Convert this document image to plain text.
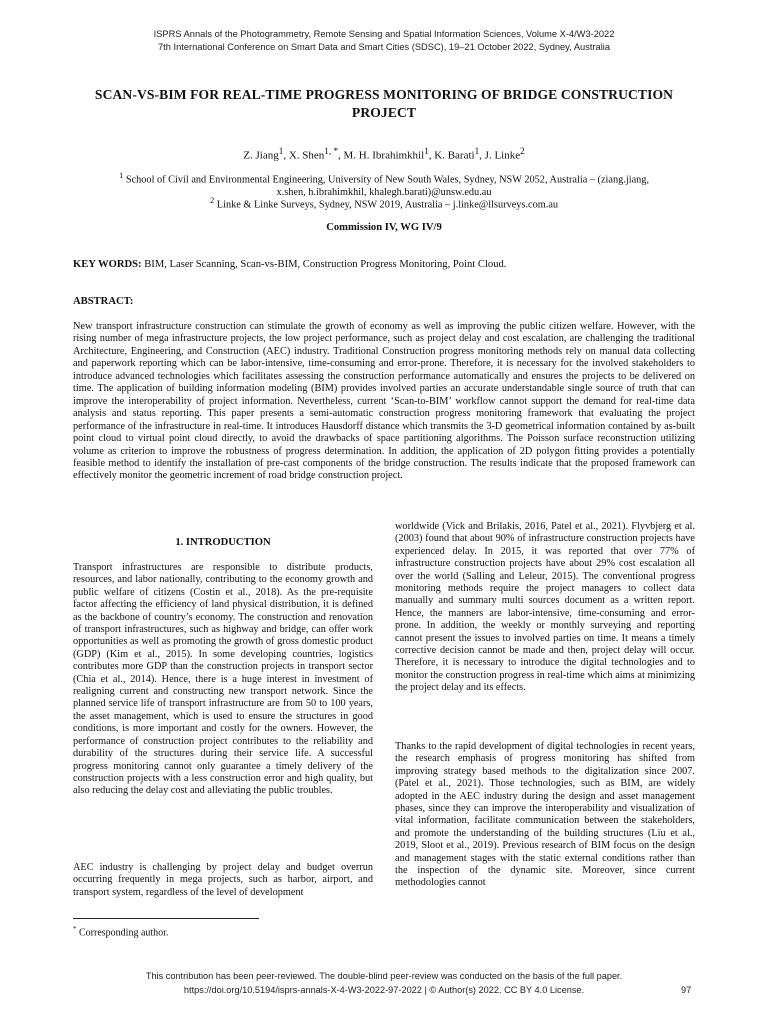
ISPRS Annals of the Photogrammetry, Remote Sensing and Spatial Information Sciences, Volume X-4/W3-2022
7th International Conference on Smart Data and Smart Cities (SDSC), 19–21 October 2022, Sydney, Australia
SCAN-VS-BIM FOR REAL-TIME PROGRESS MONITORING OF BRIDGE CONSTRUCTION PROJECT
Z. Jiang$^1$, X. Shen$^{1, *}$, M. H. Ibrahimkhil$^1$, K. Barati$^1$, J. Linke$^2$
$^1$ School of Civil and Environmental Engineering, University of New South Wales, Sydney, NSW 2052, Australia – (ziang.jiang,
x.shen, h.ibrahimkhil, khalegh.barati)@unsw.edu.au
$^2$ Linke & Linke Surveys, Sydney, NSW 2019, Australia – j.linke@llsurveys.com.au
Commission IV, WG IV/9
KEY WORDS: BIM, Laser Scanning, Scan-vs-BIM, Construction Progress Monitoring, Point Cloud.
ABSTRACT:

New transport infrastructure construction can stimulate the growth of economy as well as improving the public citizen welfare. However, with the rising number of mega infrastructure projects, the low project performance, such as project delay and cost escalation, are challenging the traditional Architecture, Engineering, and Construction (AEC) industry. Traditional Construction progress monitoring methods rely on manual data collecting and paperwork reporting which can be labor-intensive, time-consuming and error-prone. Therefore, it is necessary for the involved stakeholders to introduce advanced technologies which facilitates assessing the construction performance automatically and ensures the projects to be delivered on time. The application of building information modeling (BIM) provides involved parties an accurate understandable single source of truth that can improve the interoperability of project information. Nevertheless, current ‘Scan-to-BIM’ workflow cannot support the demand for real-time data analysis and status reporting. This paper presents a semi-automatic construction progress monitoring framework that evaluating the project performance of the infrastructure in real-time. It introduces Hausdorff distance which transmits the 3-D geometrical information contained by as-built point cloud to virtual point cloud directly, to avoid the drawbacks of space partitioning algorithms. The Poisson surface reconstruction utilizing volume as criterion to improve the robustness of progress determination. In addition, the application of 2D polygon fitting provides a potentially feasible method to identify the installation of pre-cast components of the bridge construction. The results indicate that the proposed framework can effectively monitor the geometric increment of road bridge construction project.

1. INTRODUCTION

Transport infrastructures are responsible to distribute products, resources, and labor nationally, contributing to the economy growth and public welfare of citizens (Costin et al., 2018). As the pre-requisite factor affecting the efficiency of land physical distribution, it is defined as the backbone of country’s economy. The construction and renovation of transport infrastructures, such as highway and bridge, can offer work opportunities as well as promoting the growth of gross domestic product (GDP) (Kim et al., 2015). In some developing countries, logistics contributes more GDP than the construction projects in transport sector (Chia et al., 2014). Hence, there is a huge interest in investment of realigning current and constructing new transport network. Since the planned service life of transport infrastructure are from 50 to 100 years, the asset management, which is used to ensure the structures in good conditions, is more important and costly for the owners. However, the performance of construction project contributes to the reliability and durability of the structures during their service life. A successful progress monitoring cannot only guarantee a timely delivery of the construction projects with a less construction error and high quality, but also reducing the delay cost and alleviating the public troubles.

AEC industry is challenging by project delay and budget overrun occurring frequently in mega projects, such as harbor, airport, and transport system, regardless of the level of development

worldwide (Vick and Brilakis, 2016, Patel et al., 2021). Flyvbjerg et al. (2003) found that about 90% of infrastructure construction projects have experienced delay. In 2015, it was reported that over 77% of infrastructure construction projects have about 29% cost escalation all over the world (Salling and Leleur, 2015). The conventional progress monitoring methods require the project managers to collect data manually and summary multi sources document as a written report. Hence, the manners are labor-intensive, time-consuming and error-prone. In addition, the weekly or monthly surveying and reporting cannot present the issues to involved parties on time. It means a timely corrective decision cannot be made and then, project delay will occur. Therefore, it is necessary to introduce the digital technologies and to monitor the construction progress in real-time which aims at minimizing the project delay and its effects.

Thanks to the rapid development of digital technologies in recent years, the research emphasis of progress monitoring has shifted from improving strategy based methods to the digitalization since 2007. (Patel et al., 2021). Those technologies, such as BIM, are widely adopted in the AEC industry during the design and asset management phases, since they can improve the interoperability and visualization of vital information, facilitate communication between the stakeholders, and promote the understanding of the building structures (Liu et al., 2019, Sloot et al., 2019). Previous research of BIM focus on the design and management stages with the static external conditions rather than the inspection of the dynamic site. Moreover, since current methodologies cannot

* Corresponding author.
This contribution has been peer-reviewed. The double-blind peer-review was conducted on the basis of the full paper.
https://doi.org/10.5194/isprs-annals-X-4-W3-2022-97-2022 | © Author(s) 2022. CC BY 4.0 License.	97
